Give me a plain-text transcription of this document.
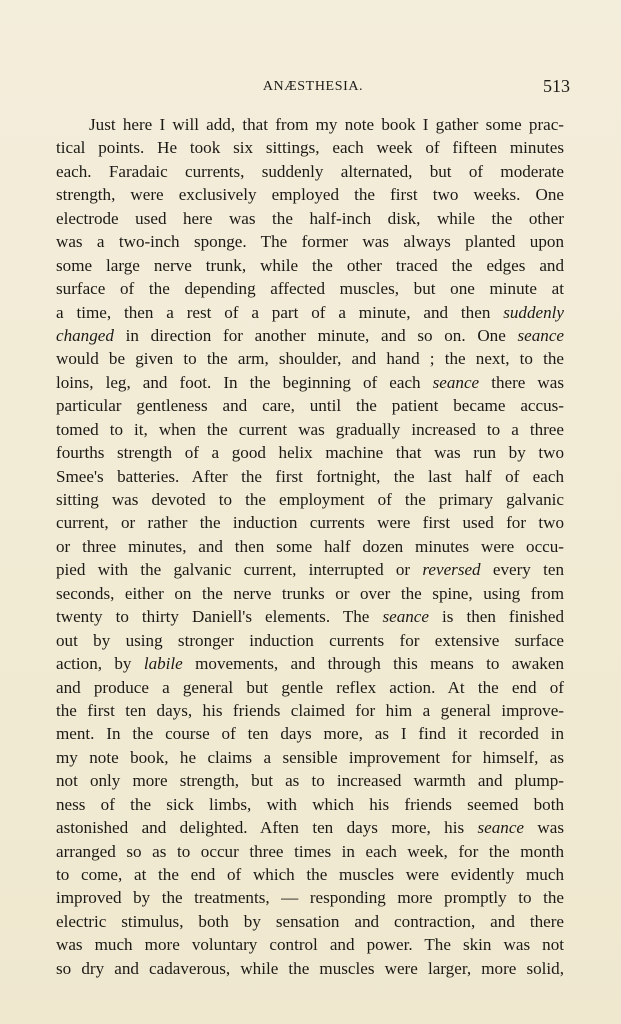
ANÆSTHESIA.	513
Just here I will add, that from my note book I gather some prac-
tical points. He took six sittings, each week of fifteen minutes
each. Faradaic currents, suddenly alternated, but of moderate
strength, were exclusively employed the first two weeks. One
electrode used here was the half-inch disk, while the other
was a two-inch sponge. The former was always planted upon
some large nerve trunk, while the other traced the edges and
surface of the depending affected muscles, but one minute at
a time, then a rest of a part of a minute, and then suddenly
changed in direction for another minute, and so on. One seance
would be given to the arm, shoulder, and hand ; the next, to the
loins, leg, and foot. In the beginning of each seance there was
particular gentleness and care, until the patient became accus-
tomed to it, when the current was gradually increased to a three
fourths strength of a good helix machine that was run by two
Smee's batteries. After the first fortnight, the last half of each
sitting was devoted to the employment of the primary galvanic
current, or rather the induction currents were first used for two
or three minutes, and then some half dozen minutes were occu-
pied with the galvanic current, interrupted or reversed every ten
seconds, either on the nerve trunks or over the spine, using from
twenty to thirty Daniell's elements. The seance is then finished
out by using stronger induction currents for extensive surface
action, by labile movements, and through this means to awaken
and produce a general but gentle reflex action. At the end of
the first ten days, his friends claimed for him a general improve-
ment. In the course of ten days more, as I find it recorded in
my note book, he claims a sensible improvement for himself, as
not only more strength, but as to increased warmth and plump-
ness of the sick limbs, with which his friends seemed both
astonished and delighted. Aften ten days more, his seance was
arranged so as to occur three times in each week, for the month
to come, at the end of which the muscles were evidently much
improved by the treatments, — responding more promptly to the
electric stimulus, both by sensation and contraction, and there
was much more voluntary control and power. The skin was not
so dry and cadaverous, while the muscles were larger, more solid,
